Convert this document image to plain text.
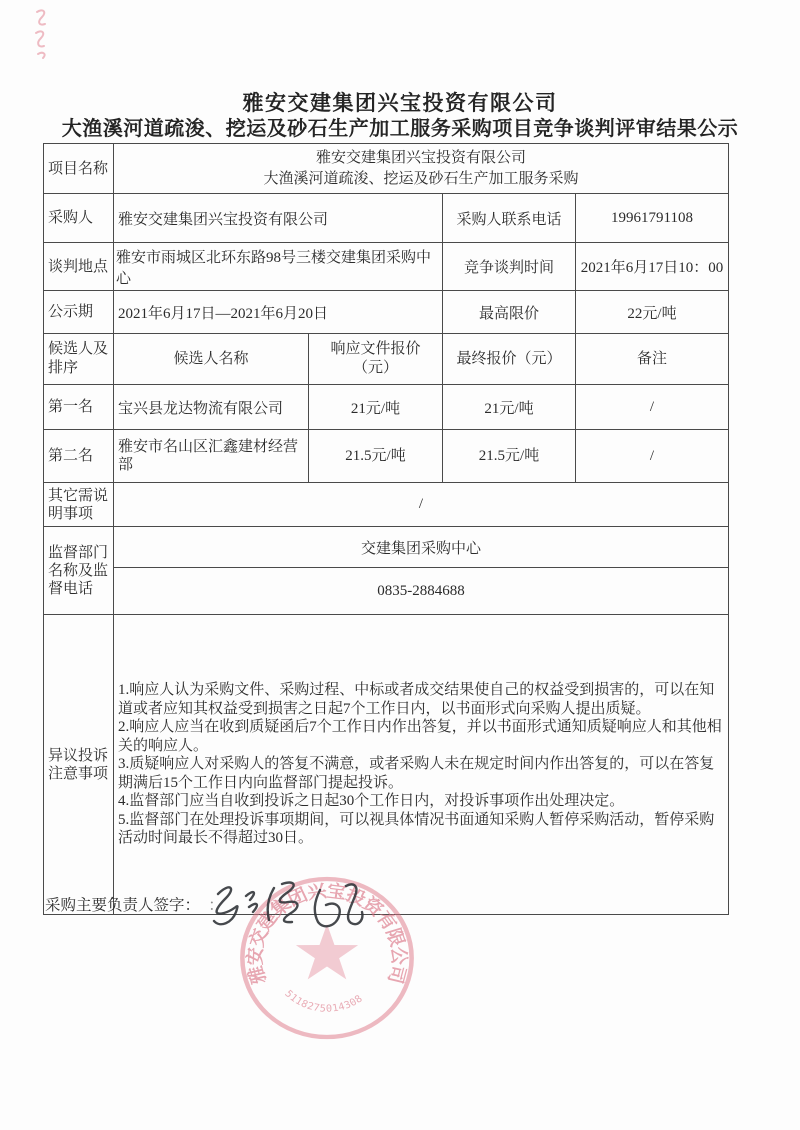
雅安交建集团兴宝投资有限公司
大渔溪河道疏浚、挖运及砂石生产加工服务采购项目竞争谈判评审结果公示
项目名称	雅安交建集团兴宝投资有限公司
大渔溪河道疏浚、挖运及砂石生产加工服务采购			

采购人	雅安交建集团兴宝投资有限公司		采购人联系电话	19961791108
谈判地点	雅安市雨城区北环东路98号三楼交建集团采购中心		竞争谈判时间	2021年6月17日10：00
公示期	2021年6月17日—2021年6月20日		最高限价	22元/吨
候选人及排序	候选人名称	响应文件报价（元）	最终报价（元）	备注
第一名	宝兴县龙达物流有限公司	21元/吨	21元/吨	/
第二名	雅安市名山区汇鑫建材经营部	21.5元/吨	21.5元/吨	/
其它需说明事项	/			
监督部门名称及监督电话	交建集团采购中心			
	0835-2884688			
异议投诉注意事项	1.响应人认为采购文件、采购过程、中标或者成交结果使自己的权益受到损害的，可以在知道或者应知其权益受到损害之日起7个工作日内，以书面形式向采购人提出质疑。
2.响应人应当在收到质疑函后7个工作日内作出答复，并以书面形式通知质疑响应人和其他相关的响应人。
3.质疑响应人对采购人的答复不满意，或者采购人未在规定时间内作出答复的，可以在答复期满后15个工作日内向监督部门提起投诉。
4.监督部门应当自收到投诉之日起30个工作日内，对投诉事项作出处理决定。
5.监督部门在处理投诉事项期间，可以视具体情况书面通知采购人暂停采购活动，暂停采购活动时间最长不得超过30日。			
采购主要负责人签字： ：
雅安交建集团兴宝投资有限公司
5118275014308
